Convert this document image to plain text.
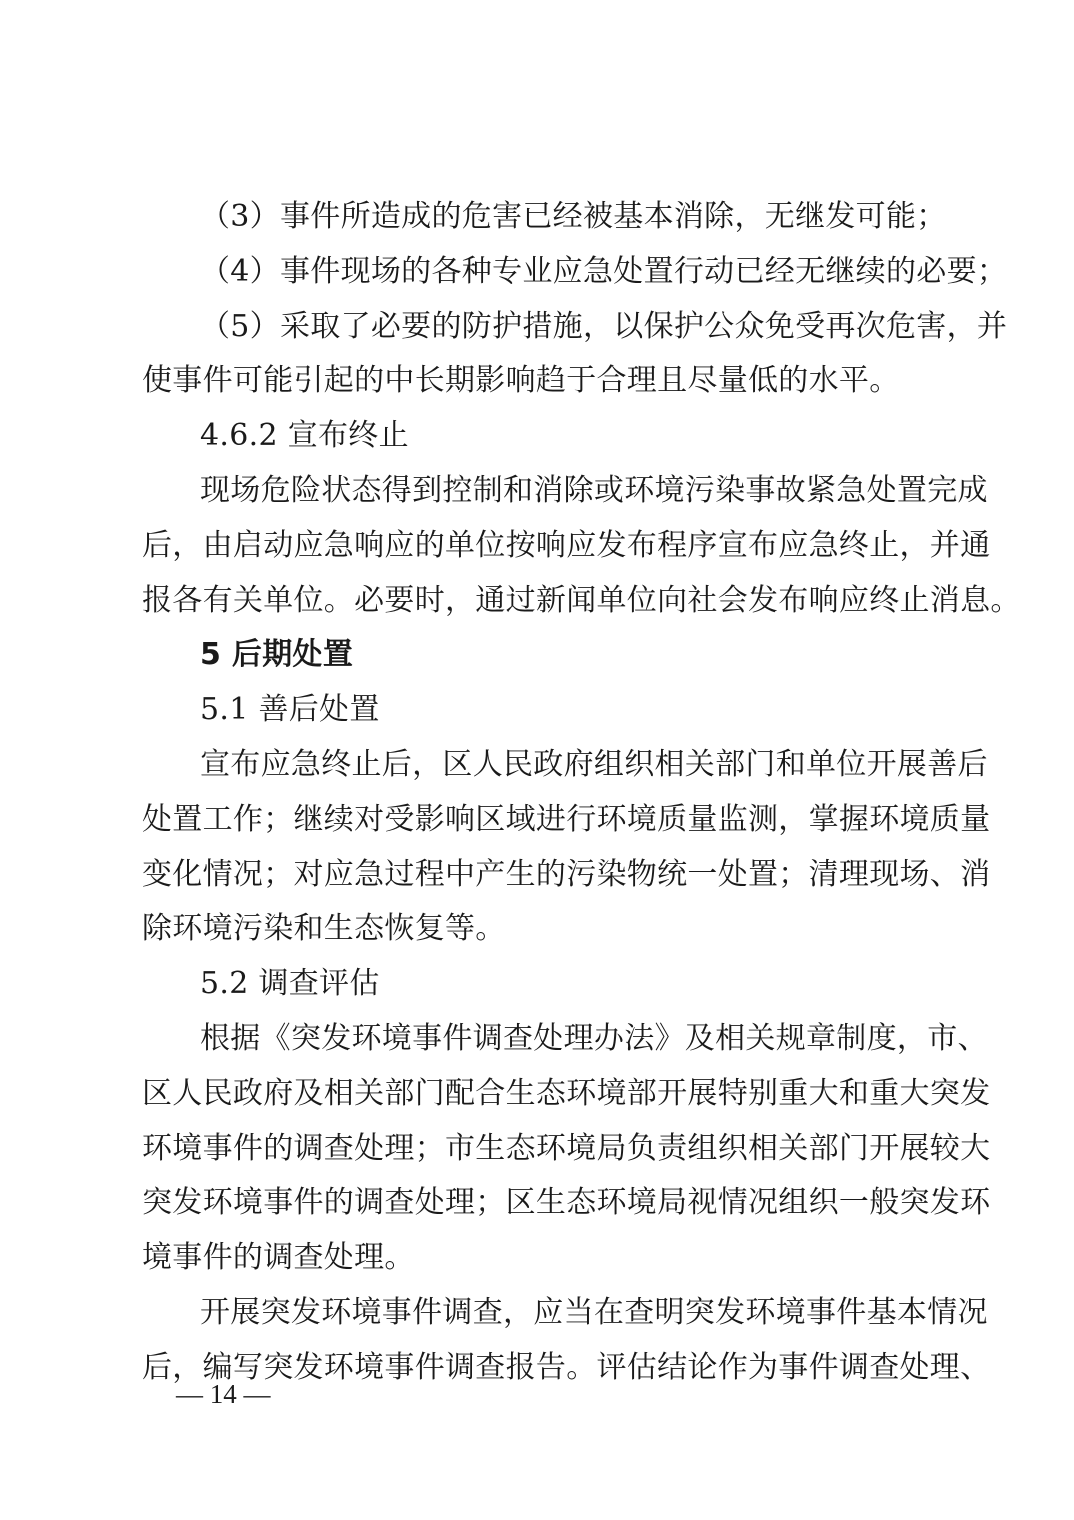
（3）事件所造成的危害已经被基本消除，无继发可能；
（4）事件现场的各种专业应急处置行动已经无继续的必要；
（5）采取了必要的防护措施，以保护公众免受再次危害，并
使事件可能引起的中长期影响趋于合理且尽量低的水平。
4.6.2 宣布终止
现场危险状态得到控制和消除或环境污染事故紧急处置完成
后，由启动应急响应的单位按响应发布程序宣布应急终止，并通
报各有关单位。必要时，通过新闻单位向社会发布响应终止消息。
5 后期处置
5.1 善后处置
宣布应急终止后，区人民政府组织相关部门和单位开展善后
处置工作；继续对受影响区域进行环境质量监测，掌握环境质量
变化情况；对应急过程中产生的污染物统一处置；清理现场、消
除环境污染和生态恢复等。
5.2 调查评估
根据《突发环境事件调查处理办法》及相关规章制度，市、
区人民政府及相关部门配合生态环境部开展特别重大和重大突发
环境事件的调查处理；市生态环境局负责组织相关部门开展较大
突发环境事件的调查处理；区生态环境局视情况组织一般突发环
境事件的调查处理。
开展突发环境事件调查，应当在查明突发环境事件基本情况
后，编写突发环境事件调查报告。评估结论作为事件调查处理、
— 14 —
